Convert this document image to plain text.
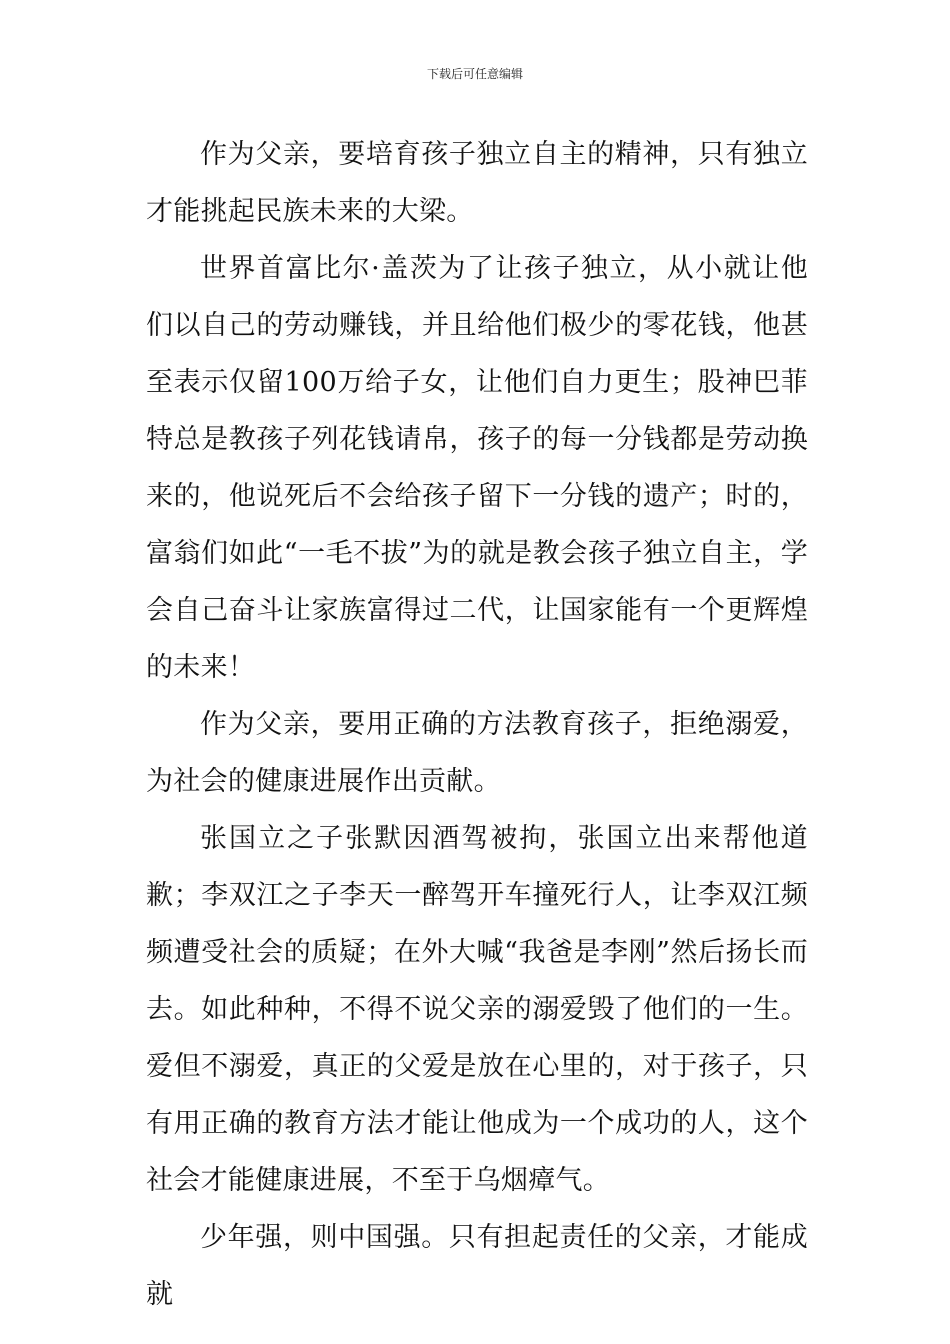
下载后可任意编辑

作为父亲，要培育孩子独立自主的精神，只有独立才能挑起民族未来的大梁。

世界首富比尔·盖茨为了让孩子独立，从小就让他们以自己的劳动赚钱，并且给他们极少的零花钱，他甚至表示仅留100万给子女，让他们自力更生；股神巴菲特总是教孩子列花钱请帛，孩子的每一分钱都是劳动换来的，他说死后不会给孩子留下一分钱的遗产；时的，富翁们如此“一毛不拔”为的就是教会孩子独立自主，学会自己奋斗让家族富得过二代，让国家能有一个更辉煌的未来！

作为父亲，要用正确的方法教育孩子，拒绝溺爱，为社会的健康进展作出贡献。

张国立之子张默因酒驾被拘，张国立出来帮他道歉；李双江之子李天一醉驾开车撞死行人，让李双江频频遭受社会的质疑；在外大喊“我爸是李刚”然后扬长而去。如此种种，不得不说父亲的溺爱毁了他们的一生。爱但不溺爱，真正的父爱是放在心里的，对于孩子，只有用正确的教育方法才能让他成为一个成功的人，这个社会才能健康进展，不至于乌烟瘴气。

少年强，则中国强。只有担起责任的父亲，才能成就
